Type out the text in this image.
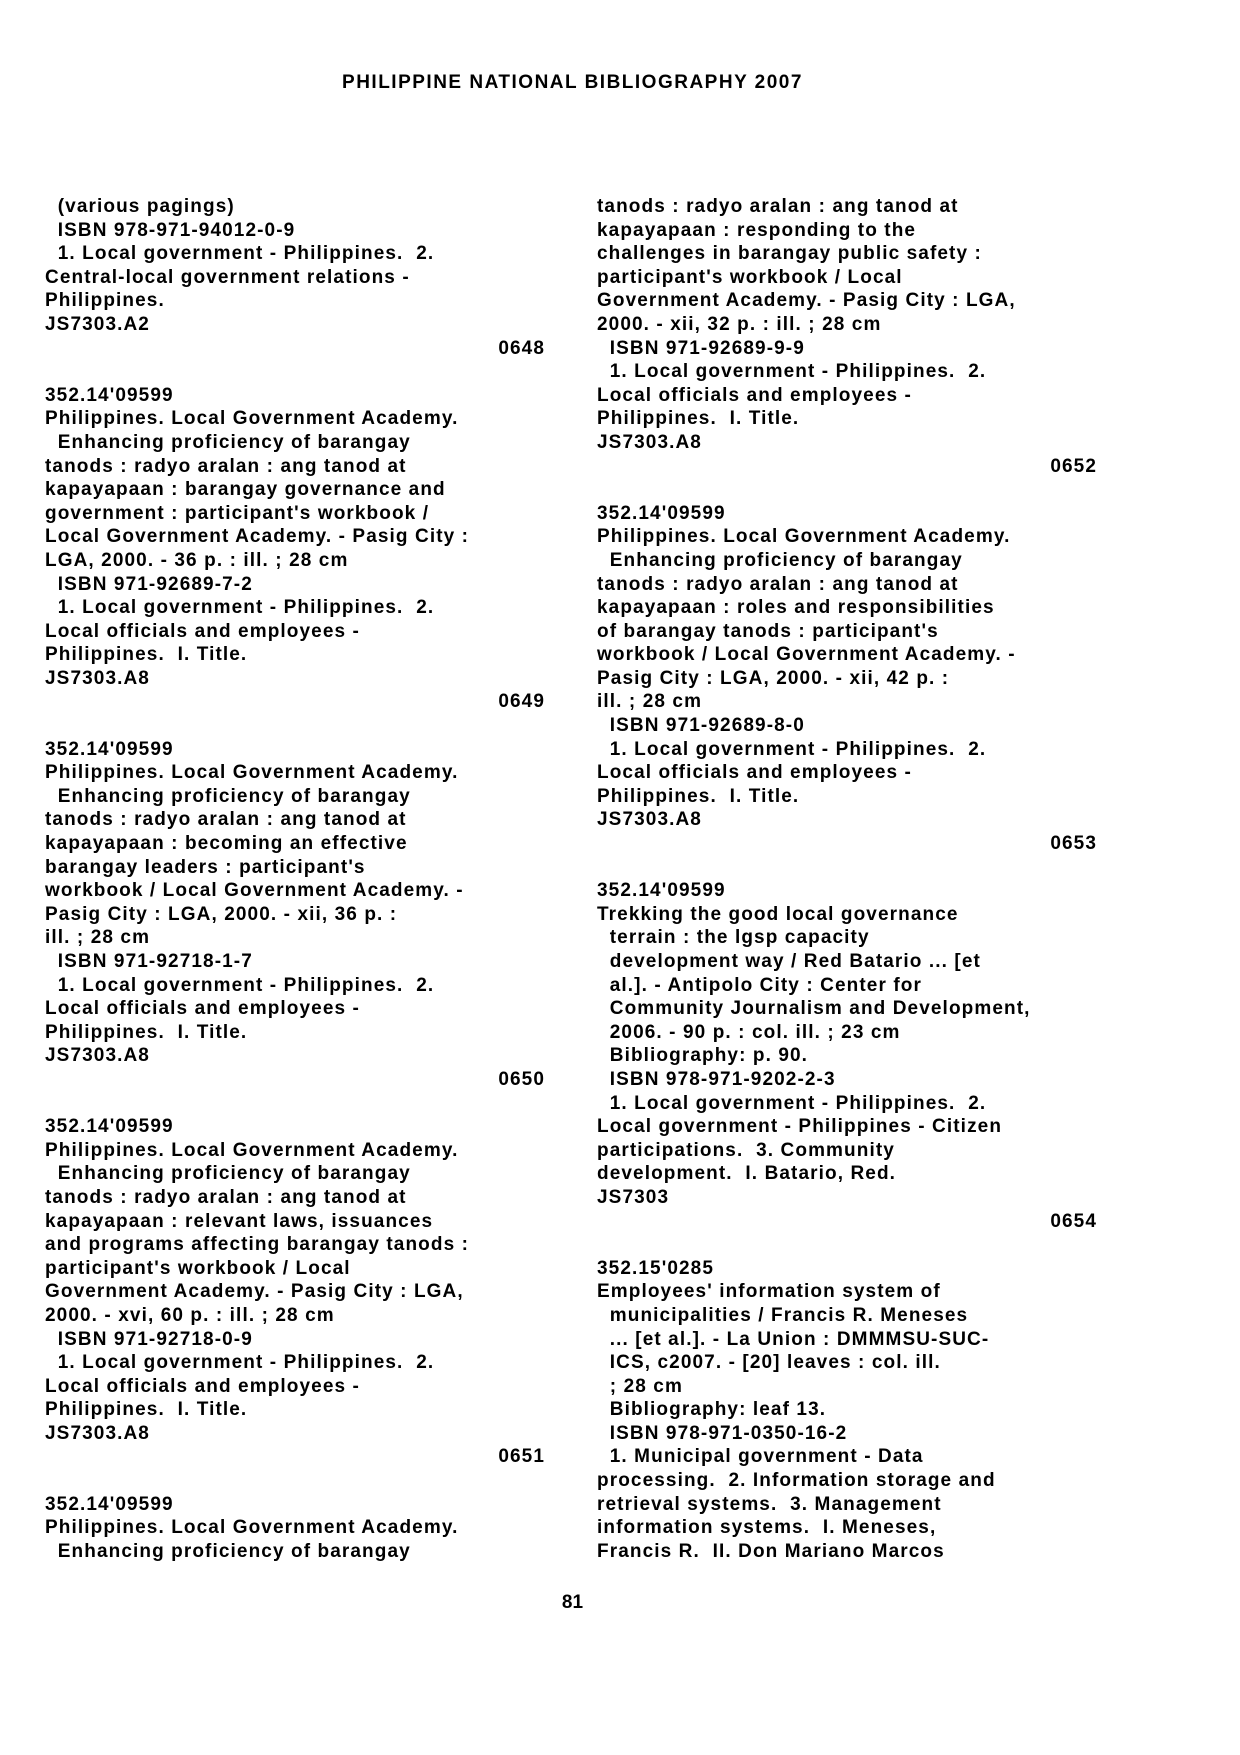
PHILIPPINE NATIONAL BIBLIOGRAPHY 2007
(various pagings)
ISBN 978-971-94012-0-9
1. Local government - Philippines.  2.
Central-local government relations -
Philippines.
JS7303.A2
0648
352.14'09599
Philippines. Local Government Academy.
Enhancing proficiency of barangay
tanods : radyo aralan : ang tanod at
kapayapaan : barangay governance and
government : participant's workbook /
Local Government Academy. - Pasig City :
LGA, 2000. - 36 p. : ill. ; 28 cm
ISBN 971-92689-7-2
1. Local government - Philippines.  2.
Local officials and employees -
Philippines.  I. Title.
JS7303.A8
0649
352.14'09599
Philippines. Local Government Academy.
Enhancing proficiency of barangay
tanods : radyo aralan : ang tanod at
kapayapaan : becoming an effective
barangay leaders : participant's
workbook / Local Government Academy. -
Pasig City : LGA, 2000. - xii, 36 p. :
ill. ; 28 cm
ISBN 971-92718-1-7
1. Local government - Philippines.  2.
Local officials and employees -
Philippines.  I. Title.
JS7303.A8
0650
352.14'09599
Philippines. Local Government Academy.
Enhancing proficiency of barangay
tanods : radyo aralan : ang tanod at
kapayapaan : relevant laws, issuances
and programs affecting barangay tanods :
participant's workbook / Local
Government Academy. - Pasig City : LGA,
2000. - xvi, 60 p. : ill. ; 28 cm
ISBN 971-92718-0-9
1. Local government - Philippines.  2.
Local officials and employees -
Philippines.  I. Title.
JS7303.A8
0651
352.14'09599
Philippines. Local Government Academy.
Enhancing proficiency of barangay
tanods : radyo aralan : ang tanod at
kapayapaan : responding to the
challenges in barangay public safety :
participant's workbook / Local
Government Academy. - Pasig City : LGA,
2000. - xii, 32 p. : ill. ; 28 cm
ISBN 971-92689-9-9
1. Local government - Philippines.  2.
Local officials and employees -
Philippines.  I. Title.
JS7303.A8
0652
352.14'09599
Philippines. Local Government Academy.
Enhancing proficiency of barangay
tanods : radyo aralan : ang tanod at
kapayapaan : roles and responsibilities
of barangay tanods : participant's
workbook / Local Government Academy. -
Pasig City : LGA, 2000. - xii, 42 p. :
ill. ; 28 cm
ISBN 971-92689-8-0
1. Local government - Philippines.  2.
Local officials and employees -
Philippines.  I. Title.
JS7303.A8
0653
352.14'09599
Trekking the good local governance
terrain : the lgsp capacity
development way / Red Batario ... [et
al.]. - Antipolo City : Center for
Community Journalism and Development,
2006. - 90 p. : col. ill. ; 23 cm
Bibliography: p. 90.
ISBN 978-971-9202-2-3
1. Local government - Philippines.  2.
Local government - Philippines - Citizen
participations.  3. Community
development.  I. Batario, Red.
JS7303
0654
352.15'0285
Employees' information system of
municipalities / Francis R. Meneses
... [et al.]. - La Union : DMMMSU-SUC-
ICS, c2007. - [20] leaves : col. ill.
; 28 cm
Bibliography: leaf 13.
ISBN 978-971-0350-16-2
1. Municipal government - Data
processing.  2. Information storage and
retrieval systems.  3. Management
information systems.  I. Meneses,
Francis R.  II. Don Mariano Marcos
81
